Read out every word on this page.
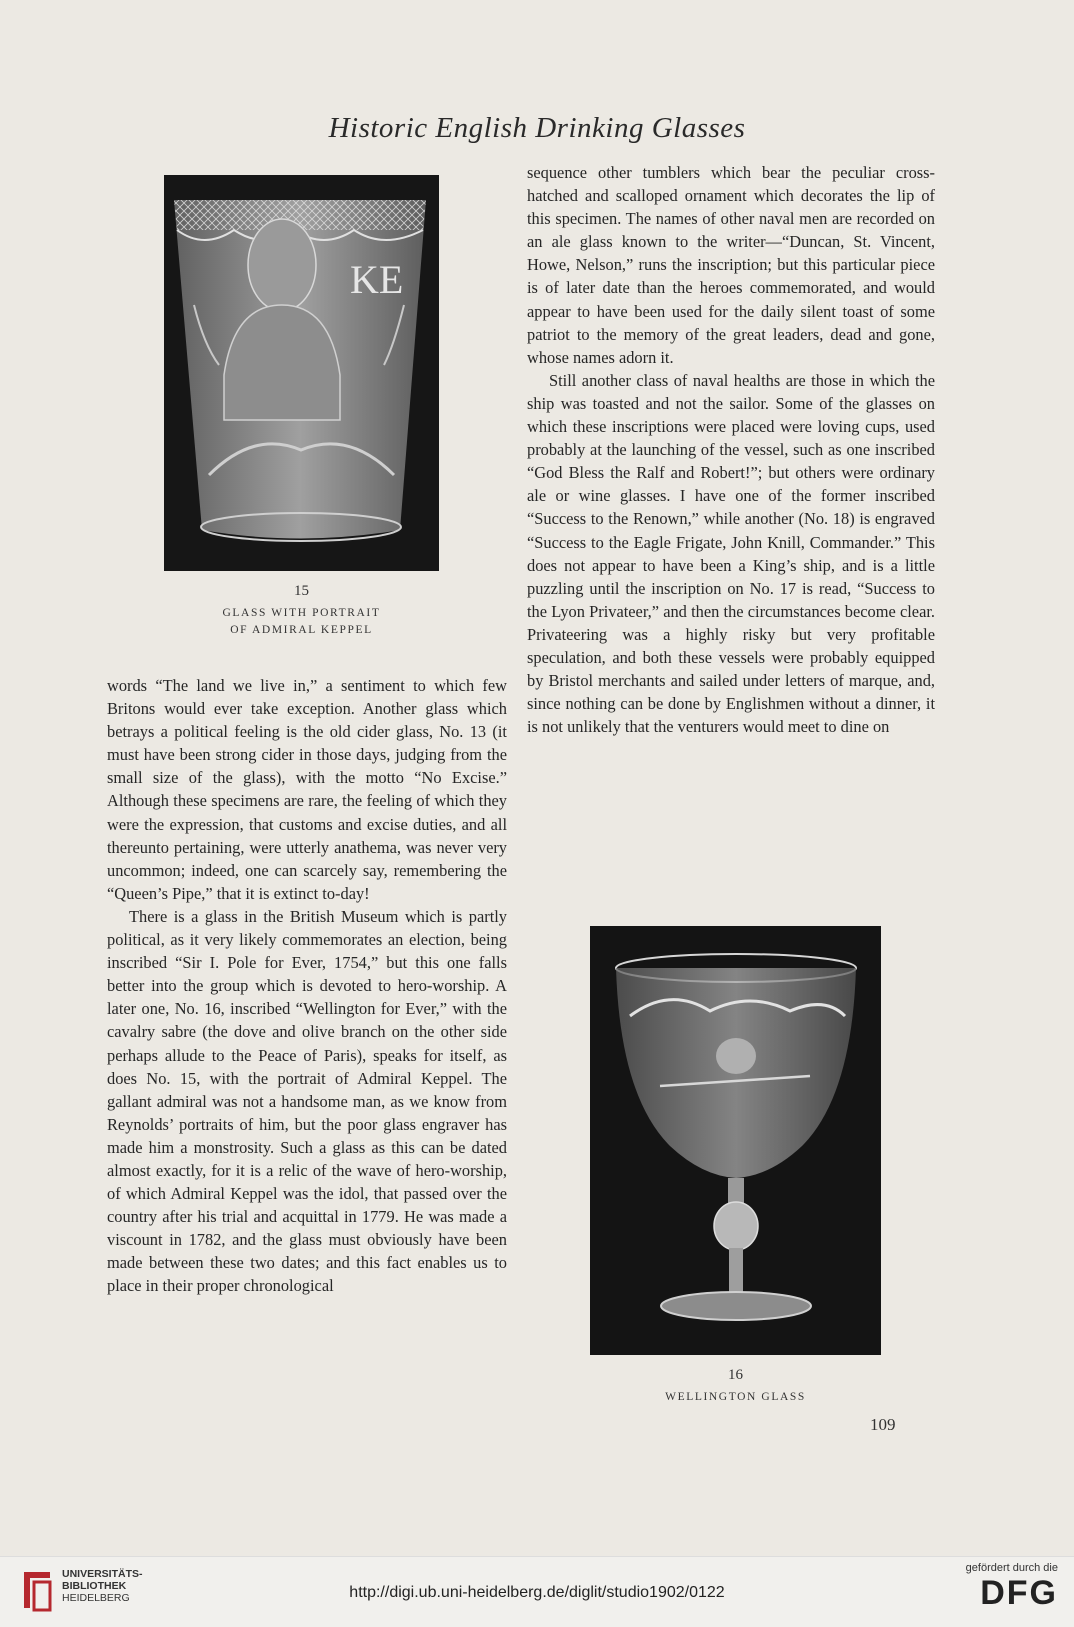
Historic English Drinking Glasses
KE
15
GLASS WITH PORTRAIT
OF ADMIRAL KEPPEL

words “The land we live in,” a sentiment to which few Britons would ever take exception. Another glass which betrays a political feeling is the old cider glass, No. 13 (it must have been strong cider in those days, judging from the small size of the glass), with the motto “No Excise.” Although these specimens are rare, the feeling of which they were the expression, that customs and excise duties, and all thereunto pertaining, were utterly anathema, was never very uncommon; indeed, one can scarcely say, remembering the “Queen’s Pipe,” that it is extinct to-day!

There is a glass in the British Museum which is partly political, as it very likely commemorates an election, being inscribed “Sir I. Pole for Ever, 1754,” but this one falls better into the group which is devoted to hero-worship. A later one, No. 16, inscribed “Wellington for Ever,” with the cavalry sabre (the dove and olive branch on the other side perhaps allude to the Peace of Paris), speaks for itself, as does No. 15, with the portrait of Admiral Keppel. The gallant admiral was not a handsome man, as we know from Reynolds’ portraits of him, but the poor glass engraver has made him a monstrosity. Such a glass as this can be dated almost exactly, for it is a relic of the wave of hero-worship, of which Admiral Keppel was the idol, that passed over the country after his trial and acquittal in 1779. He was made a viscount in 1782, and the glass must obviously have been made between these two dates; and this fact enables us to place in their proper chronological

sequence other tumblers which bear the peculiar cross-hatched and scalloped ornament which decorates the lip of this specimen. The names of other naval men are recorded on an ale glass known to the writer—“Duncan, St. Vincent, Howe, Nelson,” runs the inscription; but this particular piece is of later date than the heroes commemorated, and would appear to have been used for the daily silent toast of some patriot to the memory of the great leaders, dead and gone, whose names adorn it.

Still another class of naval healths are those in which the ship was toasted and not the sailor. Some of the glasses on which these inscriptions were placed were loving cups, used probably at the launching of the vessel, such as one inscribed “God Bless the Ralf and Robert!”; but others were ordinary ale or wine glasses. I have one of the former inscribed “Success to the Renown,” while another (No. 18) is engraved “Success to the Eagle Frigate, John Knill, Commander.” This does not appear to have been a King’s ship, and is a little puzzling until the inscription on No. 17 is read, “Success to the Lyon Privateer,” and then the circumstances become clear. Privateering was a highly risky but very profitable speculation, and both these vessels were probably equipped by Bristol merchants and sailed under letters of marque, and, since nothing can be done by Englishmen without a dinner, it is not unlikely that the venturers would meet to dine on

16
WELLINGTON GLASS
109
UNIVERSITÄTS-
BIBLIOTHEK
HEIDELBERG	http://digi.ub.uni-heidelberg.de/diglit/studio1902/0122
gefördert durch die
DFG
